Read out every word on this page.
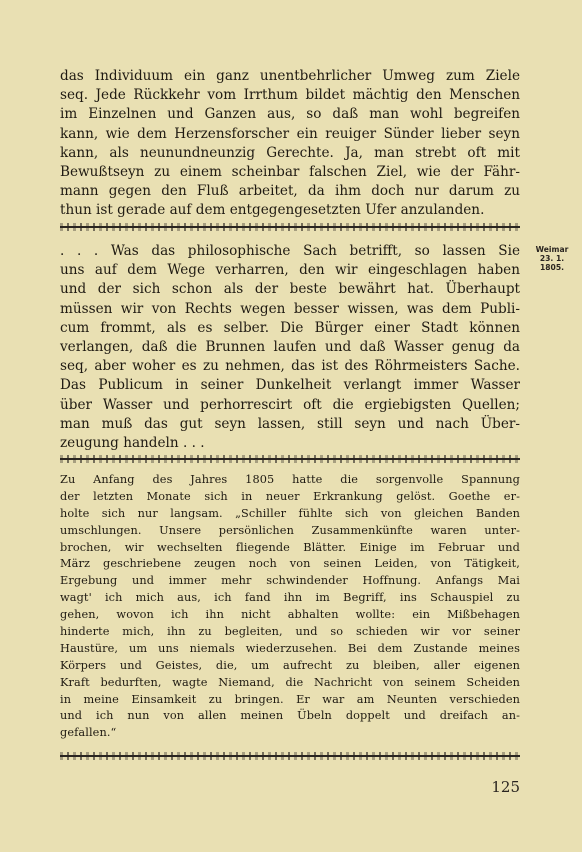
das Individuum ein ganz unentbehrlicher Umweg zum Ziele
seq. Jede Rückkehr vom Irrthum bildet mächtig den Menschen
im Einzelnen und Ganzen aus, so daß man wohl begreifen
kann, wie dem Herzensforscher ein reuiger Sünder lieber seyn
kann, als neunundneunzig Gerechte. Ja, man strebt oft mit
Bewußtseyn zu einem scheinbar falschen Ziel, wie der Fähr-
mann gegen den Fluß arbeitet, da ihm doch nur darum zu
thun ist gerade auf dem entgegengesetzten Ufer anzulanden.
. . . Was das philosophische Sach betrifft, so lassen Sie
uns auf dem Wege verharren, den wir eingeschlagen haben
und der sich schon als der beste bewährt hat. Überhaupt
müssen wir von Rechts wegen besser wissen, was dem Publi-
cum frommt, als es selber. Die Bürger einer Stadt können
verlangen, daß die Brunnen laufen und daß Wasser genug da
seq, aber woher es zu nehmen, das ist des Röhrmeisters Sache.
Das Publicum in seiner Dunkelheit verlangt immer Wasser
über Wasser und perhorrescirt oft die ergiebigsten Quellen;
man muß das gut seyn lassen, still seyn und nach Über-
zeugung handeln . . .
Weimar
23. 1.
1805.
Zu Anfang des Jahres 1805 hatte die sorgenvolle Spannung
der letzten Monate sich in neuer Erkrankung gelöst. Goethe er-
holte sich nur langsam. „Schiller fühlte sich von gleichen Banden
umschlungen. Unsere persönlichen Zusammenkünfte waren unter-
brochen, wir wechselten fliegende Blätter. Einige im Februar und
März geschriebene zeugen noch von seinen Leiden, von Tätigkeit,
Ergebung und immer mehr schwindender Hoffnung. Anfangs Mai
wagt' ich mich aus, ich fand ihn im Begriff, ins Schauspiel zu
gehen, wovon ich ihn nicht abhalten wollte: ein Mißbehagen
hinderte mich, ihn zu begleiten, und so schieden wir vor seiner
Haustüre, um uns niemals wiederzusehen. Bei dem Zustande meines
Körpers und Geistes, die, um aufrecht zu bleiben, aller eigenen
Kraft bedurften, wagte Niemand, die Nachricht von seinem Scheiden
in meine Einsamkeit zu bringen. Er war am Neunten verschieden
und ich nun von allen meinen Übeln doppelt und dreifach an-
gefallen.“
125
